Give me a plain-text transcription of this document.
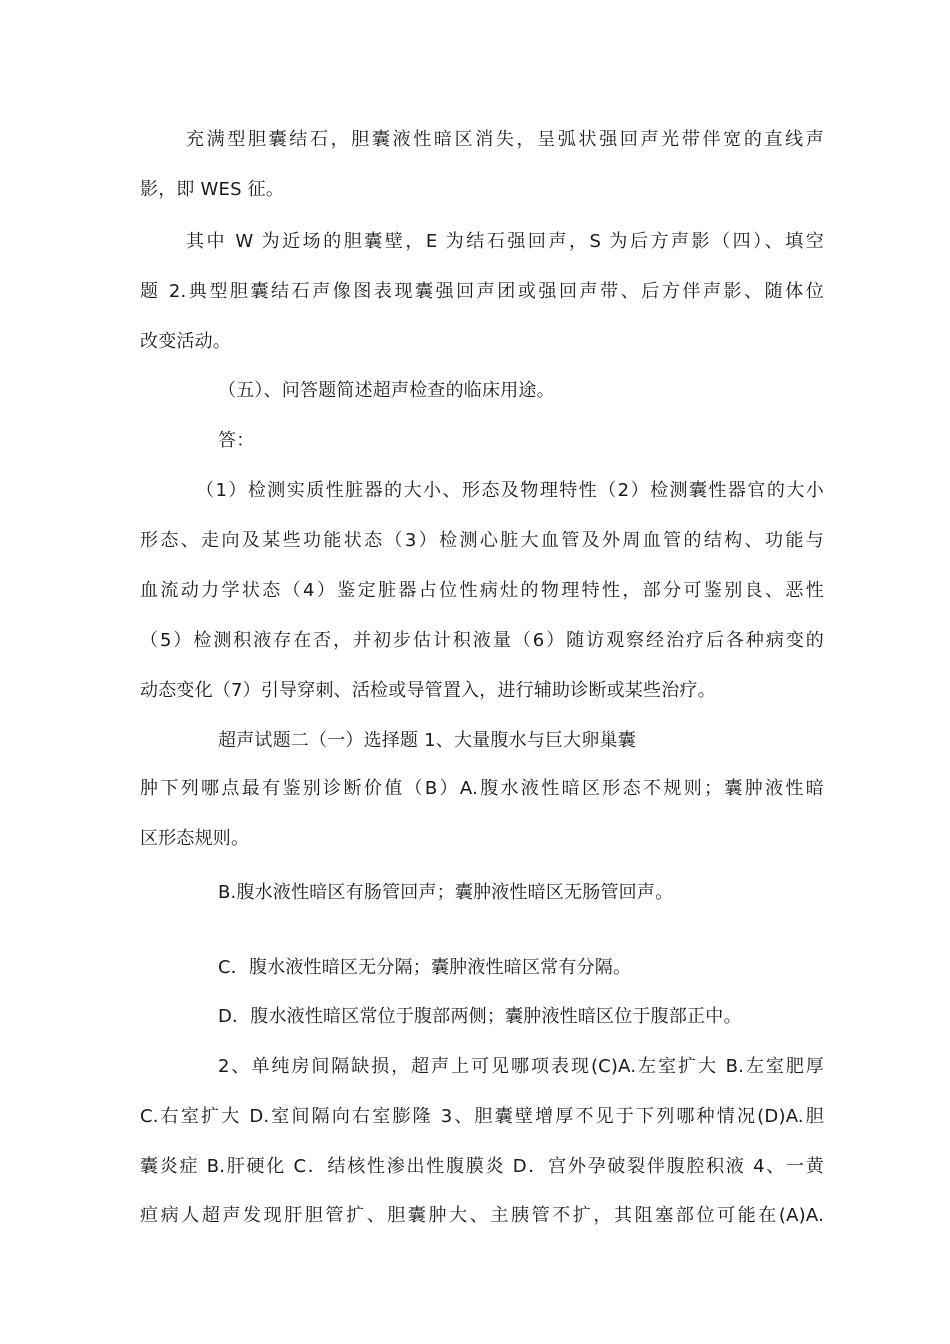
充满型胆囊结石，胆囊液性暗区消失，呈弧状强回声光带伴宽的直线声
影，即 WES 征。
其中 W 为近场的胆囊壁，E 为结石强回声，S 为后方声影（四）、填空
题 2.典型胆囊结石声像图表现囊强回声团或强回声带、后方伴声影、随体位
改变活动。
（五）、问答题简述超声检查的临床用途。
答：
（1）检测实质性脏器的大小、形态及物理特性（2）检测囊性器官的大小
形态、走向及某些功能状态（3）检测心脏大血管及外周血管的结构、功能与
血流动力学状态（4）鉴定脏器占位性病灶的物理特性，部分可鉴别良、恶性
（5）检测积液存在否，并初步估计积液量（6）随访观察经治疗后各种病变的
动态变化（7）引导穿刺、活检或导管置入，进行辅助诊断或某些治疗。
超声试题二（一）选择题 1、大量腹水与巨大卵巢囊
肿下列哪点最有鉴别诊断价值（B）A.腹水液性暗区形态不规则；囊肿液性暗
区形态规则。
B.腹水液性暗区有肠管回声；囊肿液性暗区无肠管回声。
C．腹水液性暗区无分隔；囊肿液性暗区常有分隔。
D．腹水液性暗区常位于腹部两侧；囊肿液性暗区位于腹部正中。
2、单纯房间隔缺损，超声上可见哪项表现(C)A.左室扩大 B.左室肥厚
C.右室扩大 D.室间隔向右室膨隆 3、胆囊壁增厚不见于下列哪种情况(D)A.胆
囊炎症 B.肝硬化 C．结核性渗出性腹膜炎 D．宫外孕破裂伴腹腔积液 4、一黄
疸病人超声发现肝胆管扩、胆囊肿大、主胰管不扩，其阻塞部位可能在(A)A.
